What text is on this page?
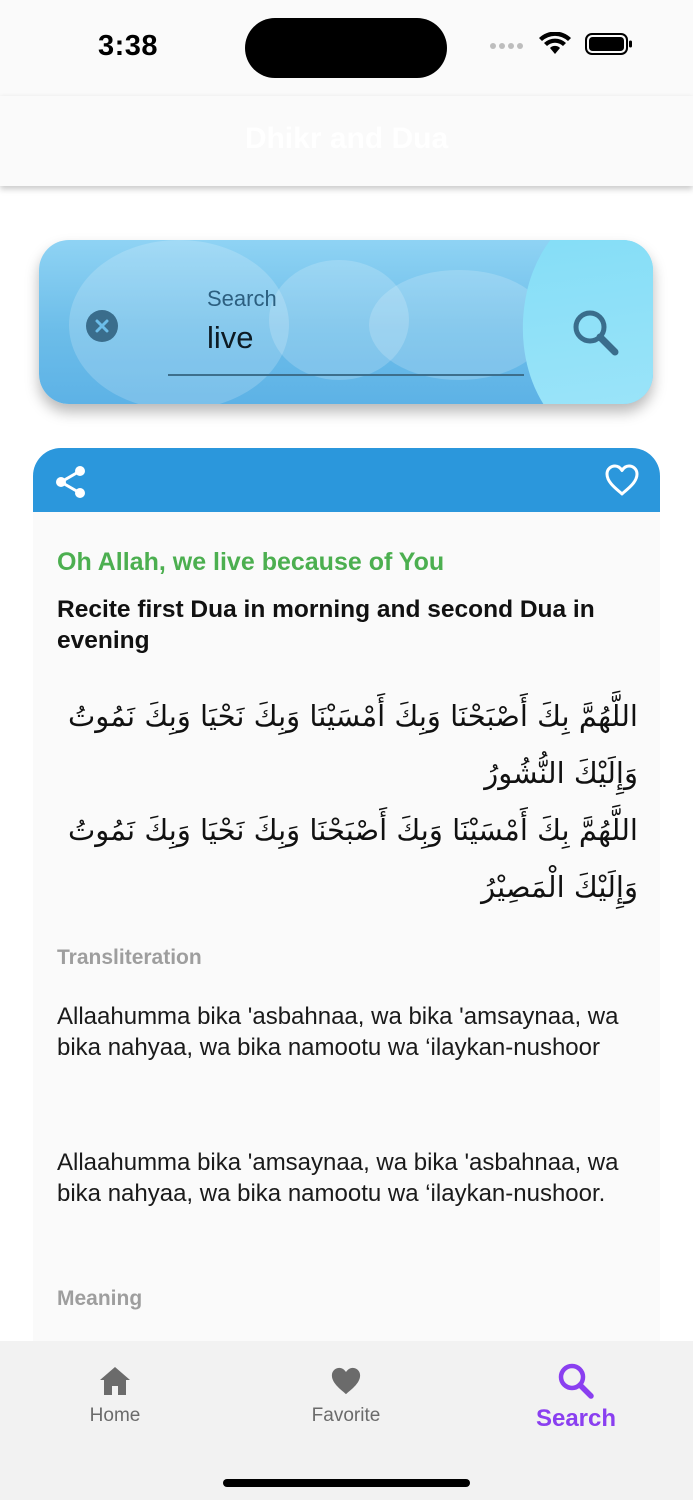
3:38
Dhikr and Dua
Search
live
Oh Allah, we live because of You
Recite first Dua in morning and second Dua in evening
اللَّهُمَّ بِكَ أَصْبَحْنَا وَبِكَ أَمْسَيْنَا وَبِكَ نَحْيَا وَبِكَ نَمُوتُ وَإِلَيْكَ النُّشُورُ
اللَّهُمَّ بِكَ أَمْسَيْنَا وَبِكَ أَصْبَحْنَا وَبِكَ نَحْيَا وَبِكَ نَمُوتُ وَإِلَيْكَ الْمَصِيْرُ
Transliteration
Allaahumma bika 'asbahnaa, wa bika 'amsaynaa, wa bika nahyaa, wa bika namootu wa ‘ilaykan-nushoor
Allaahumma bika 'amsaynaa, wa bika 'asbahnaa, wa bika nahyaa, wa bika namootu wa ‘ilaykan-nushoor.
Meaning
Home	Favorite	Search
